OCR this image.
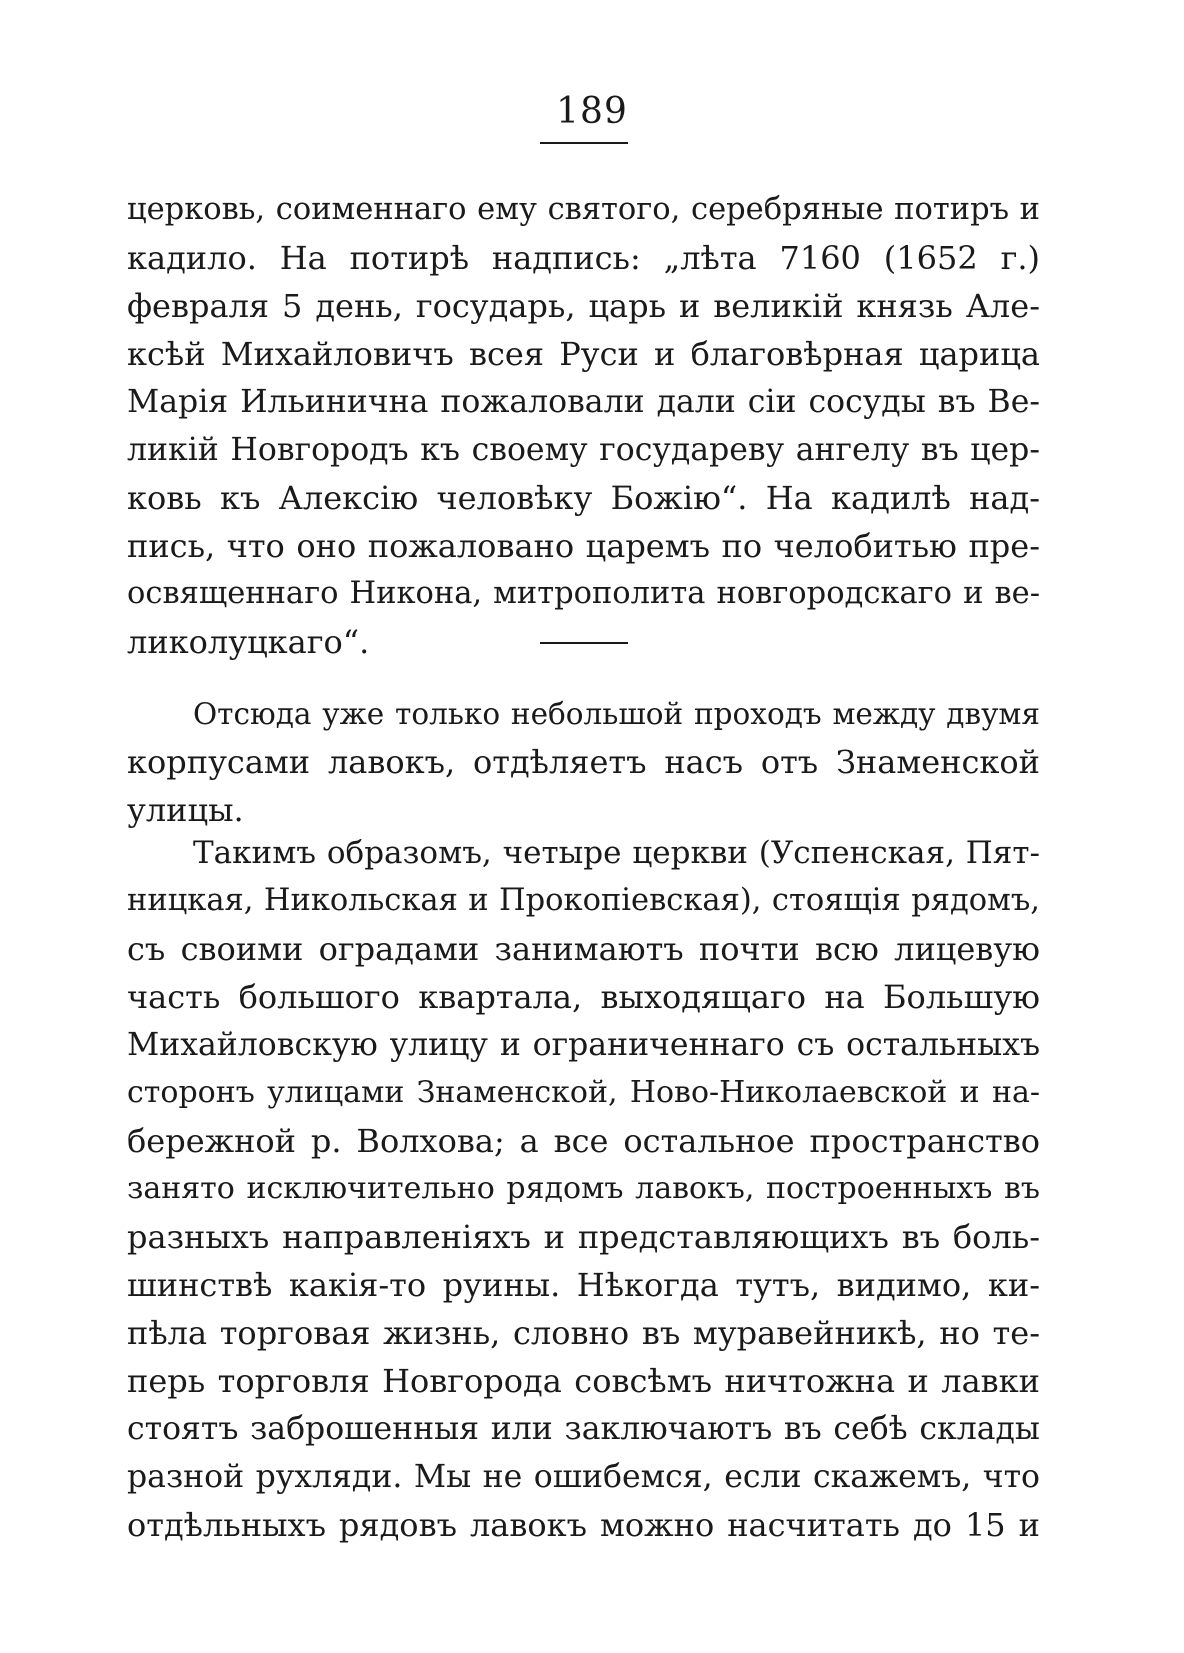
189
церковь, соименнаго ему святого, серебряные потиръ и
кадило. На потирѣ надпись: „лѣта 7160 (1652 г.)
февраля 5 день, государь, царь и великій князь Але-
ксѣй Михайловичъ всея Руси и благовѣрная царица
Марія Ильинична пожаловали дали сіи сосуды въ Ве-
ликій Новгородъ къ своему государеву ангелу въ цер-
ковь къ Алексію человѣку Божію“. На кадилѣ над-
пись, что оно пожаловано царемъ по челобитью пре-
освященнаго Никона, митрополита новгородскаго и ве-
ликолуцкаго“.
Отсюда уже только небольшой проходъ между двумя
корпусами лавокъ, отдѣляетъ насъ отъ Знаменской
улицы.
Такимъ образомъ, четыре церкви (Успенская, Пят-
ницкая, Никольская и Прокопіевская), стоящія рядомъ,
съ своими оградами занимаютъ почти всю лицевую
часть большого квартала, выходящаго на Большую
Михайловскую улицу и ограниченнаго съ остальныхъ
сторонъ улицами Знаменской, Ново-Николаевской и на-
бережной р. Волхова; а все остальное пространство
занято исключительно рядомъ лавокъ, построенныхъ въ
разныхъ направленіяхъ и представляющихъ въ боль-
шинствѣ какія-то руины. Нѣкогда тутъ, видимо, ки-
пѣла торговая жизнь, словно въ муравейникѣ, но те-
перь торговля Новгорода совсѣмъ ничтожна и лавки
стоятъ заброшенныя или заключаютъ въ себѣ склады
разной рухляди. Мы не ошибемся, если скажемъ, что
отдѣльныхъ рядовъ лавокъ можно насчитать до 15 и
